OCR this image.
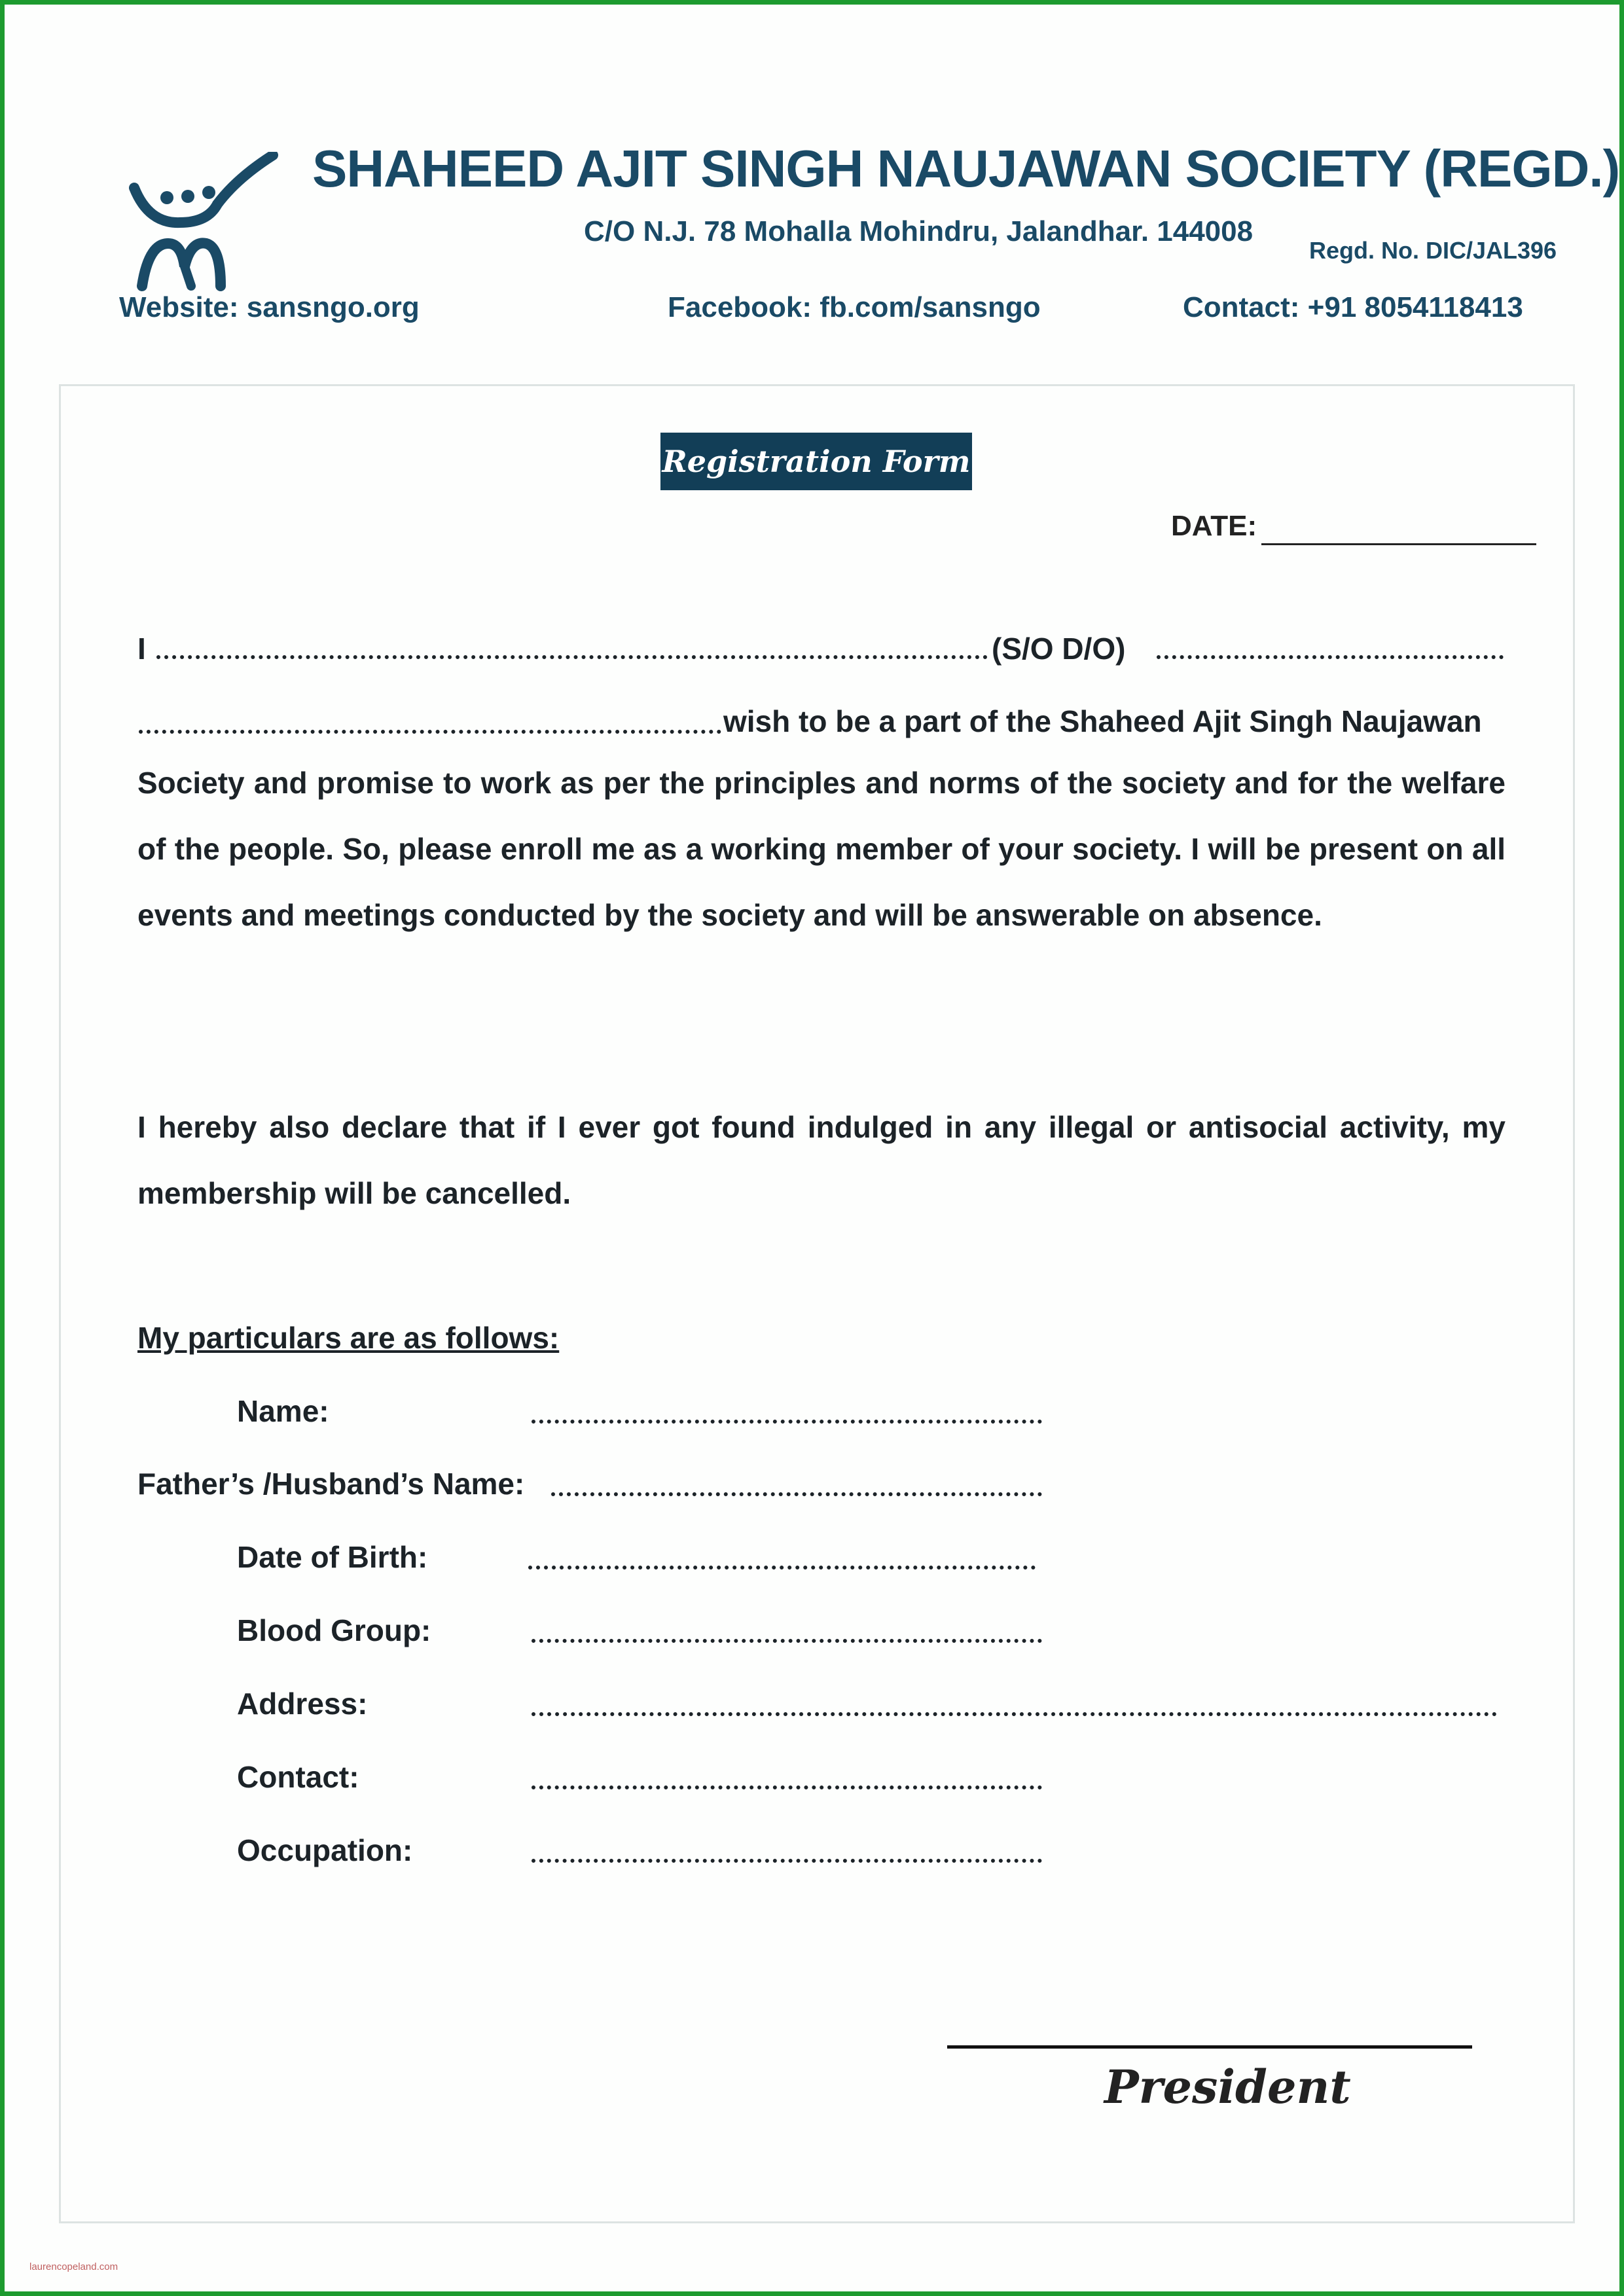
SHAHEED AJIT SINGH NAUJAWAN SOCIETY (REGD.)
C/O N.J. 78 Mohalla Mohindru, Jalandhar. 144008
Regd. No. DIC/JAL396
Website: sansngo.org	Facebook: fb.com/sansngo	Contact: +91 8054118413
Registration Form
DATE:
I	(S/O D/O)
wish to be a part of the Shaheed Ajit Singh Naujawan
Society and promise to work as per the principles and norms of the society and for the welfare of the people. So, please enroll me as a working member of your society. I will be present on all events and meetings conducted by the society and will be answerable on absence.
I hereby also declare that if I ever got found indulged in any illegal or antisocial activity, my membership will be cancelled.
My particulars are as follows:
Name:
Father’s /Husband’s Name:
Date of Birth:
Blood Group:
Address:
Contact:
Occupation:
President
laurencopeland.com
